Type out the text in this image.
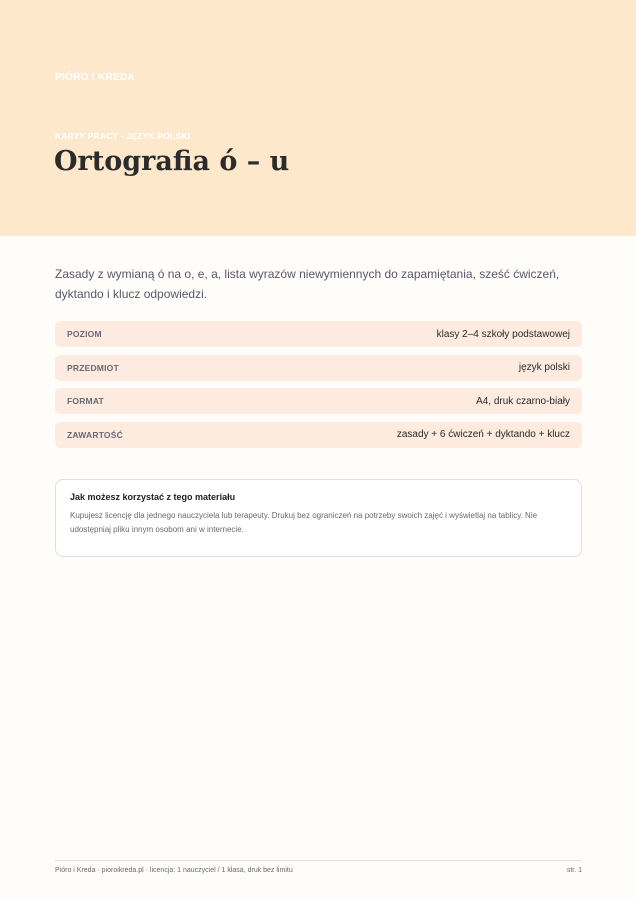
PIÓRO I KREDA
KARTY PRACY · JĘZYK POLSKI
Ortografia ó – u
Zasady z wymianą ó na o, e, a, lista wyrazów niewymiennych do zapamiętania, sześć ćwiczeń, dyktando i klucz odpowiedzi.
POZIOM	klasy 2–4 szkoły podstawowej
PRZEDMIOT	język polski
FORMAT	A4, druk czarno-biały
ZAWARTOŚĆ	zasady + 6 ćwiczeń + dyktando + klucz
Jak możesz korzystać z tego materiału
Kupujesz licencję dla jednego nauczyciela lub terapeuty. Drukuj bez ograniczeń na potrzeby swoich zajęć i wyświetlaj na tablicy. Nie udostępniaj pliku innym osobom ani w internecie.
Pióro i Kreda · pioroikreda.pl · licencja: 1 nauczyciel / 1 klasa, druk bez limitu	str. 1
